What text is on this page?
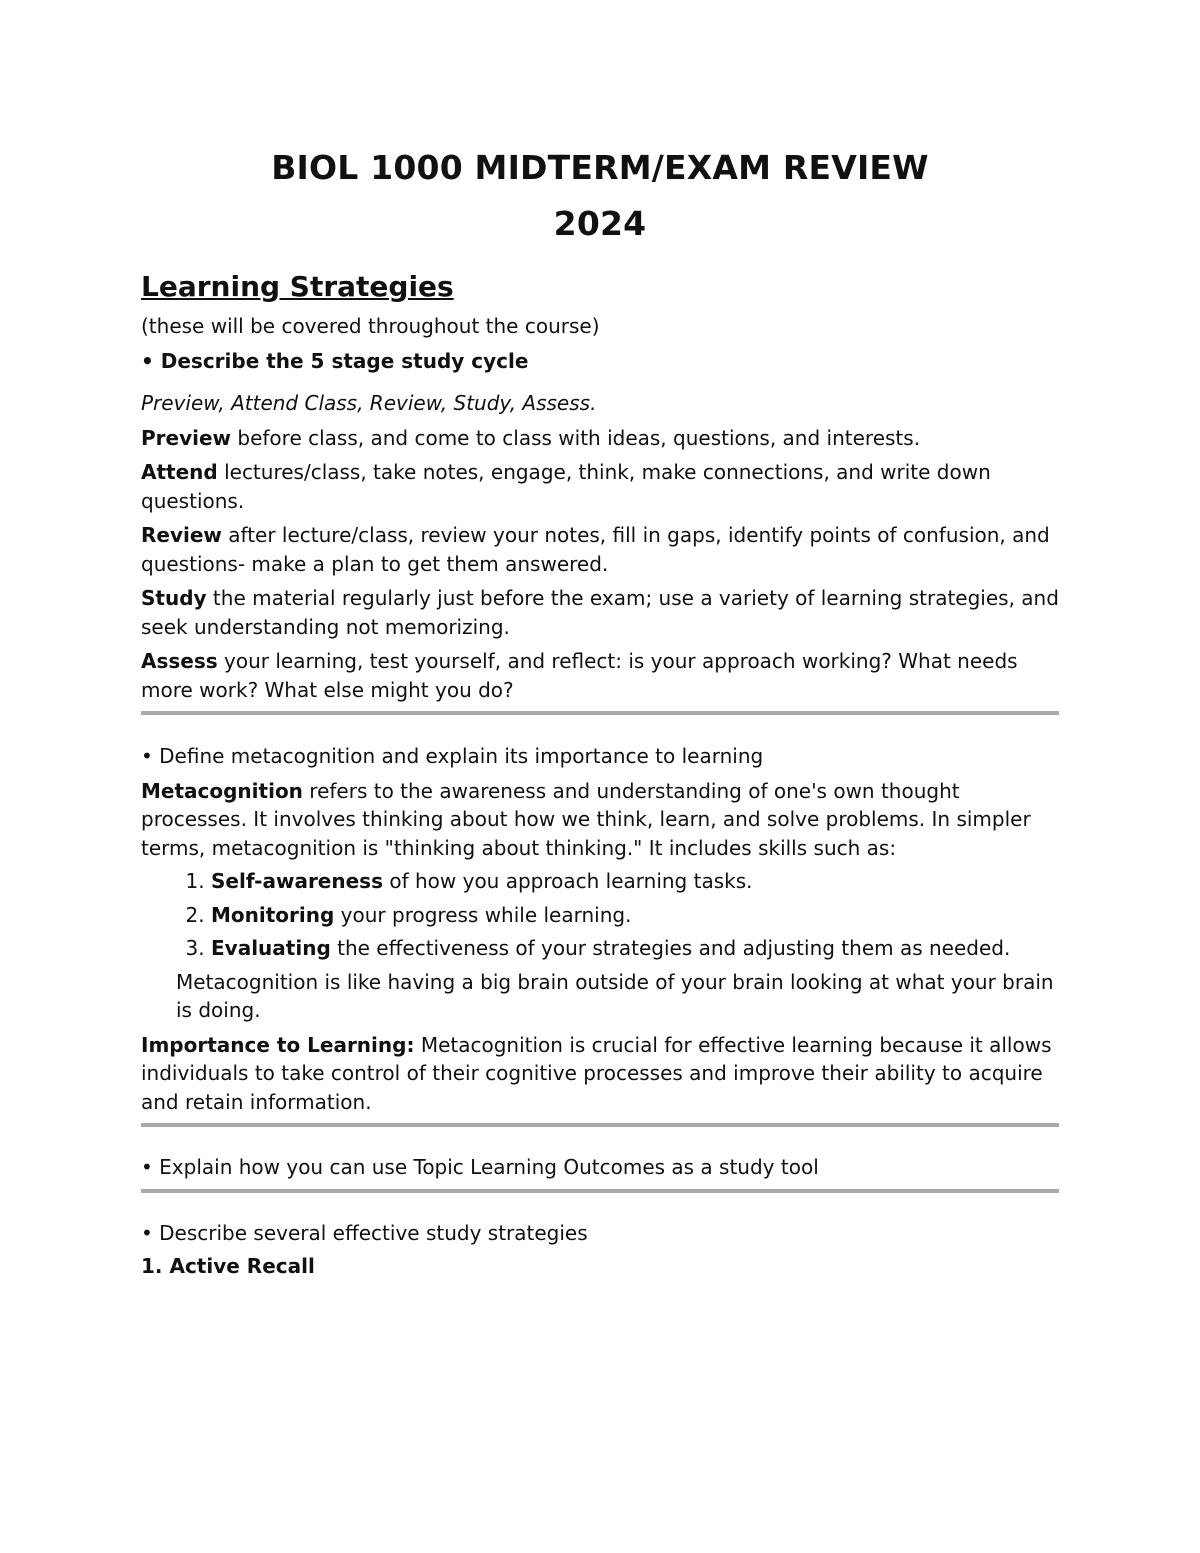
BIOL 1000 MIDTERM/EXAM REVIEW
2024
Learning Strategies

(these will be covered throughout the course)

• Describe the 5 stage study cycle

Preview, Attend Class, Review, Study, Assess.

Preview before class, and come to class with ideas, questions, and interests.

Attend lectures/class, take notes, engage, think, make connections, and write down questions.

Review after lecture/class, review your notes, fill in gaps, identify points of confusion, and questions- make a plan to get them answered.

Study the material regularly just before the exam; use a variety of learning strategies, and seek understanding not memorizing.

Assess your learning, test yourself, and reflect: is your approach working? What needs more work? What else might you do?

• Define metacognition and explain its importance to learning

Metacognition refers to the awareness and understanding of one's own thought processes. It involves thinking about how we think, learn, and solve problems. In simpler terms, metacognition is "thinking about thinking." It includes skills such as:

1. Self-awareness of how you approach learning tasks.
2. Monitoring your progress while learning.
3. Evaluating the effectiveness of your strategies and adjusting them as needed.

Metacognition is like having a big brain outside of your brain looking at what your brain is doing.

Importance to Learning: Metacognition is crucial for effective learning because it allows individuals to take control of their cognitive processes and improve their ability to acquire and retain information.

• Explain how you can use Topic Learning Outcomes as a study tool

• Describe several effective study strategies

1. Active Recall
